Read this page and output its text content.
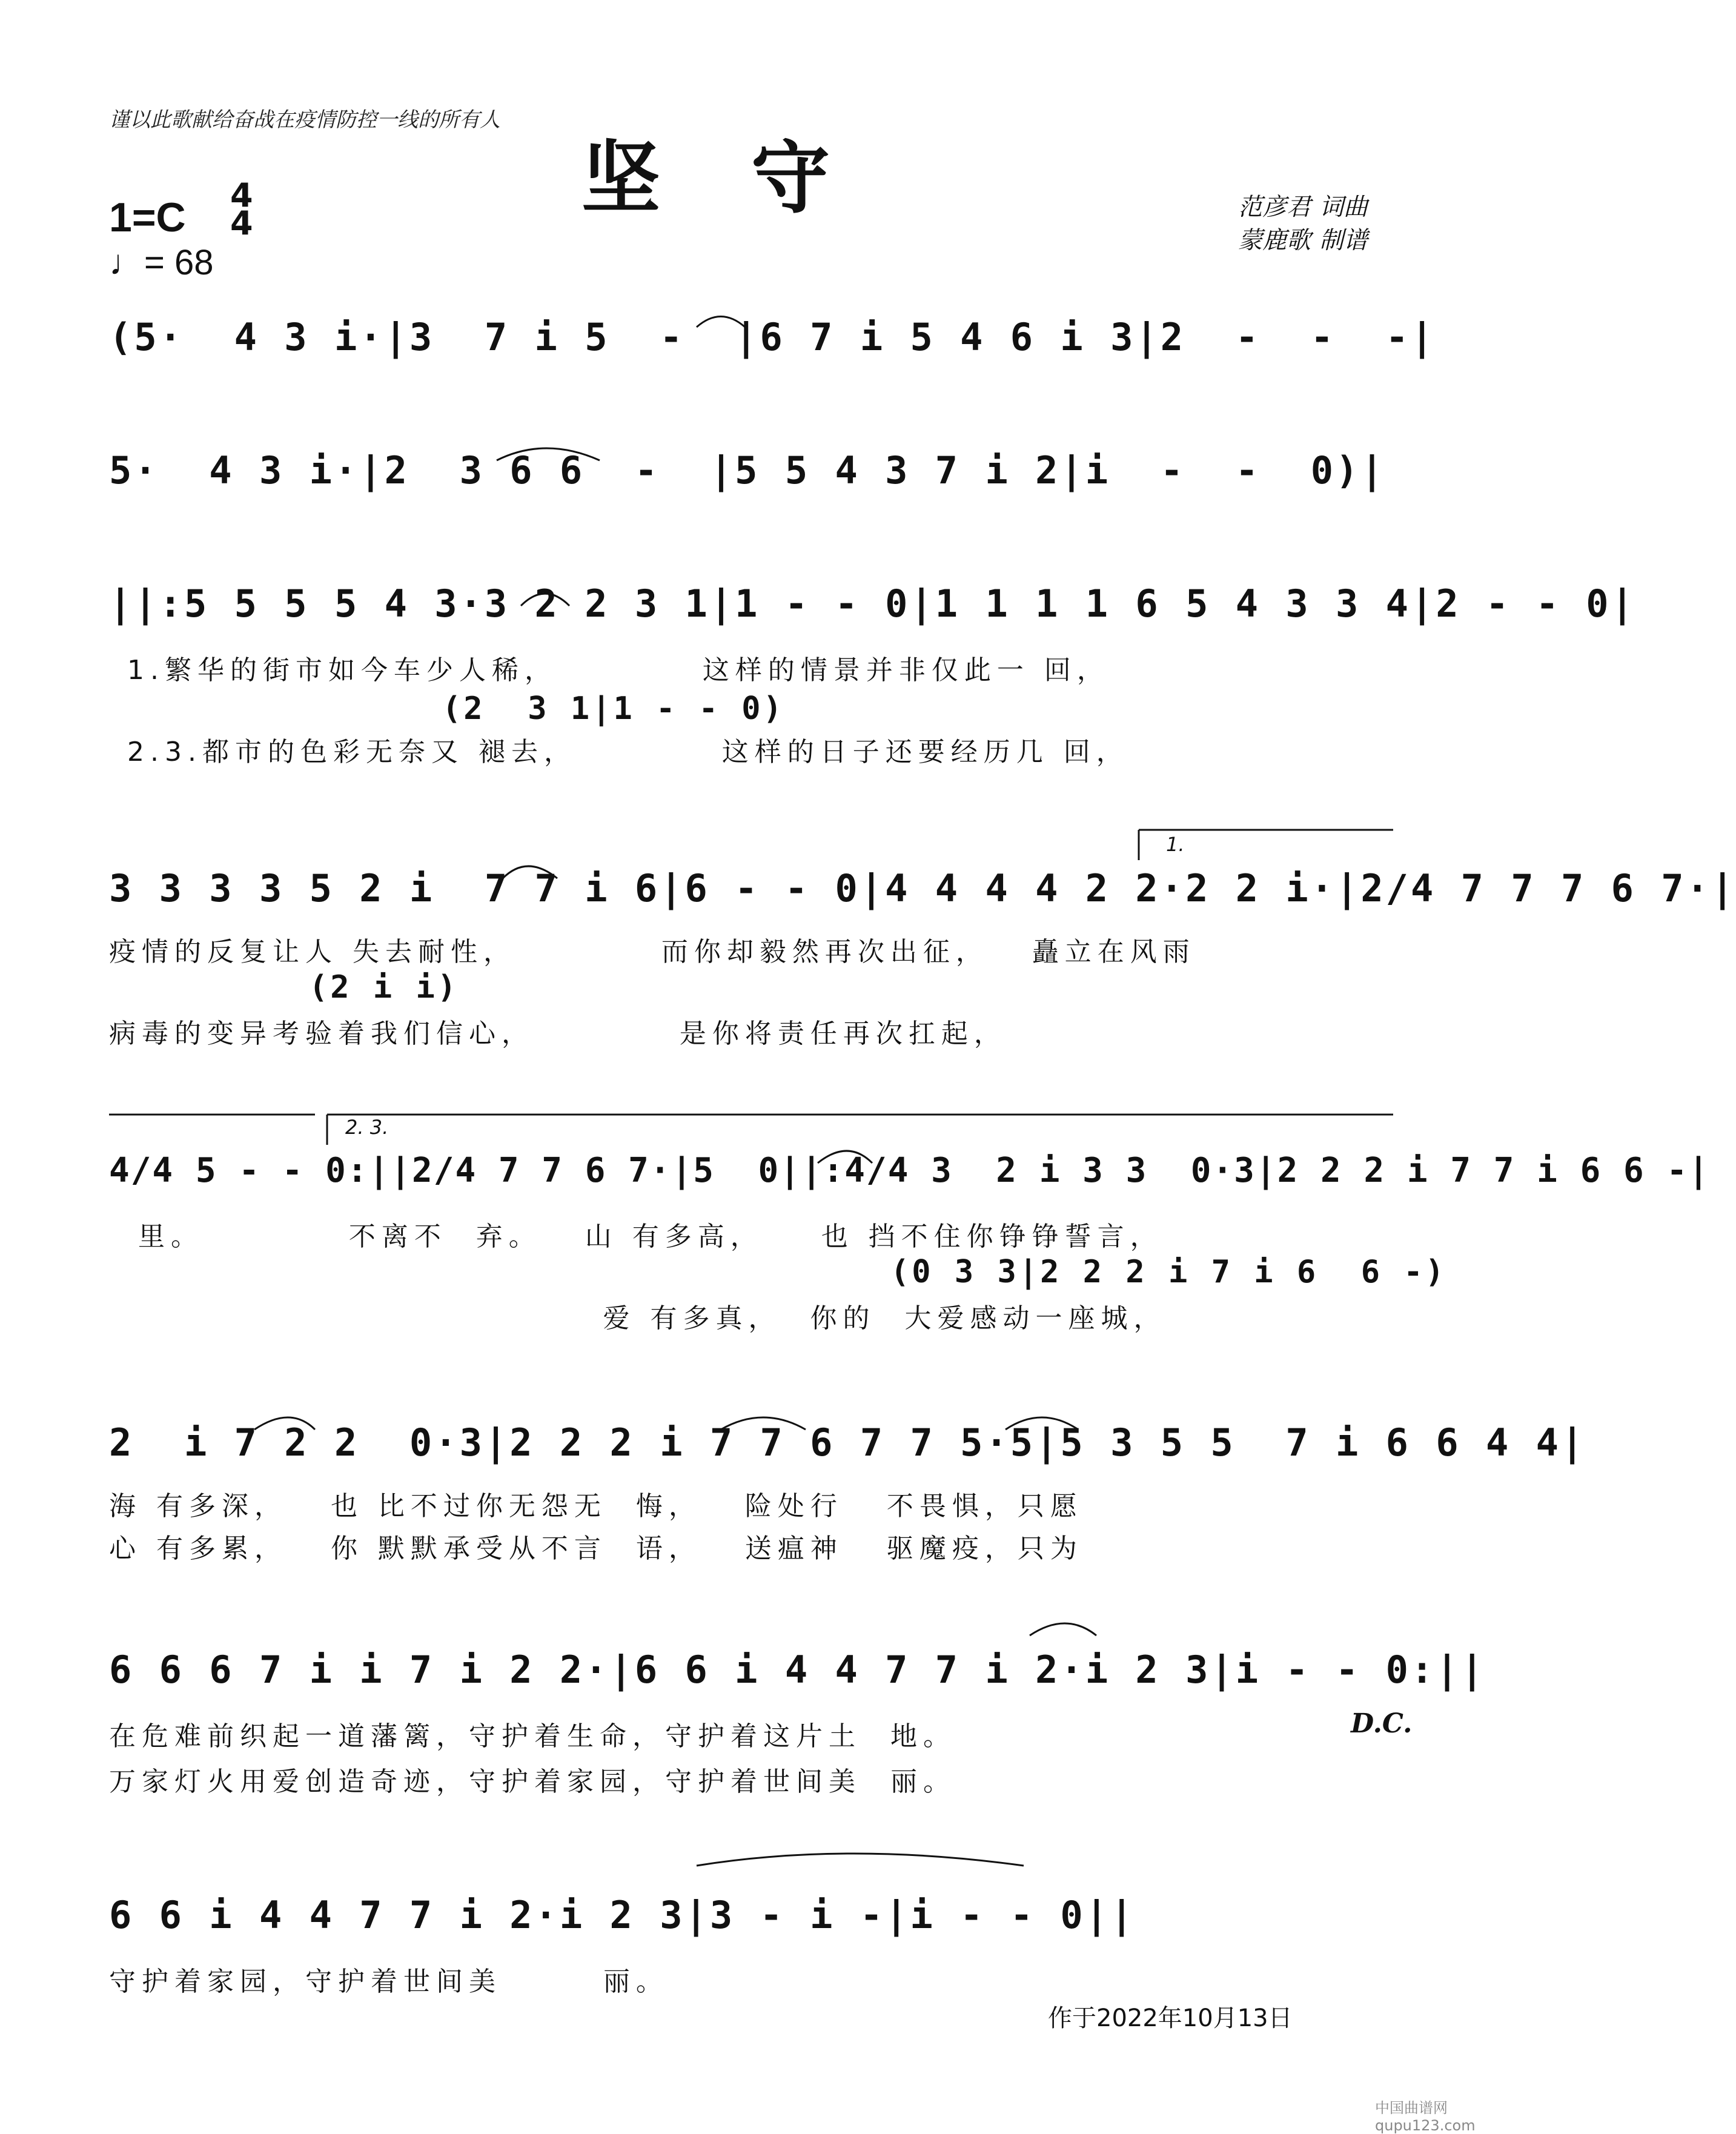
谨以此歌献给奋战在疫情防控一线的所有人
坚守
1=C 4
4
♩= 68
范彦君 词曲
蒙鹿歌 制谱
(5·  4 3 i·|3  7 i 5  -  |6 7 i 5 4 6 i 3|2  -  -  -|
5·  4 3 i·|2  3 6 6  -  |5 5 4 3 7 i 2|i  -  -  0)|
||:5 5 5 5 4 3·3 2 2 3 1|1 - - 0|1 1 1 1 6 5 4 3 3 4|2 - - 0|
1.繁华的街市如今车少人稀，          这样的情景并非仅此一 回，
(2  3 1|1 - - 0)
2.3.都市的色彩无奈又 褪去，          这样的日子还要经历几 回，
1.
3 3 3 3 5 2 i  7 7 i 6|6 - - 0|4 4 4 4 2 2·2 2 i·|2/4 7 7 7 6 7·|
疫情的反复让人 失去耐性，          而你却毅然再次出征，   矗立在风雨
(2 i i)
病毒的变异考验着我们信心，          是你将责任再次扛起，
2. 3.
4/4 5 - - 0:||2/4 7 7 6 7·|5  0||:4/4 3  2 i 3 3  0·3|2 2 2 i 7 7 i 6 6 -|
里。          不离不  弃。   山 有多高，    也 挡不住你铮铮誓言，
(0 3 3|2 2 2 i 7 i 6  6 -)
爱 有多真，  你的  大爱感动一座城，
2  i 7 2 2  0·3|2 2 2 i 7 7 6 7 7 5·5|5 3 5 5  7 i 6 6 4 4|
海 有多深，   也 比不过你无怨无  悔，   险处行   不畏惧，只愿
心 有多累，   你 默默承受从不言  语，   送瘟神   驱魔疫，只为
6 6 6 7 i i 7 i 2 2·|6 6 i 4 4 7 7 i 2·i 2 3|i - - 0:||
D.C.
在危难前织起一道藩篱，守护着生命，守护着这片土  地。
万家灯火用爱创造奇迹，守护着家园，守护着世间美  丽。
6 6 i 4 4 7 7 i 2·i 2 3|3 - i -|i - - 0||
守护着家园，守护着世间美       丽。
作于2022年10月13日
中国曲谱网 qupu123.com
